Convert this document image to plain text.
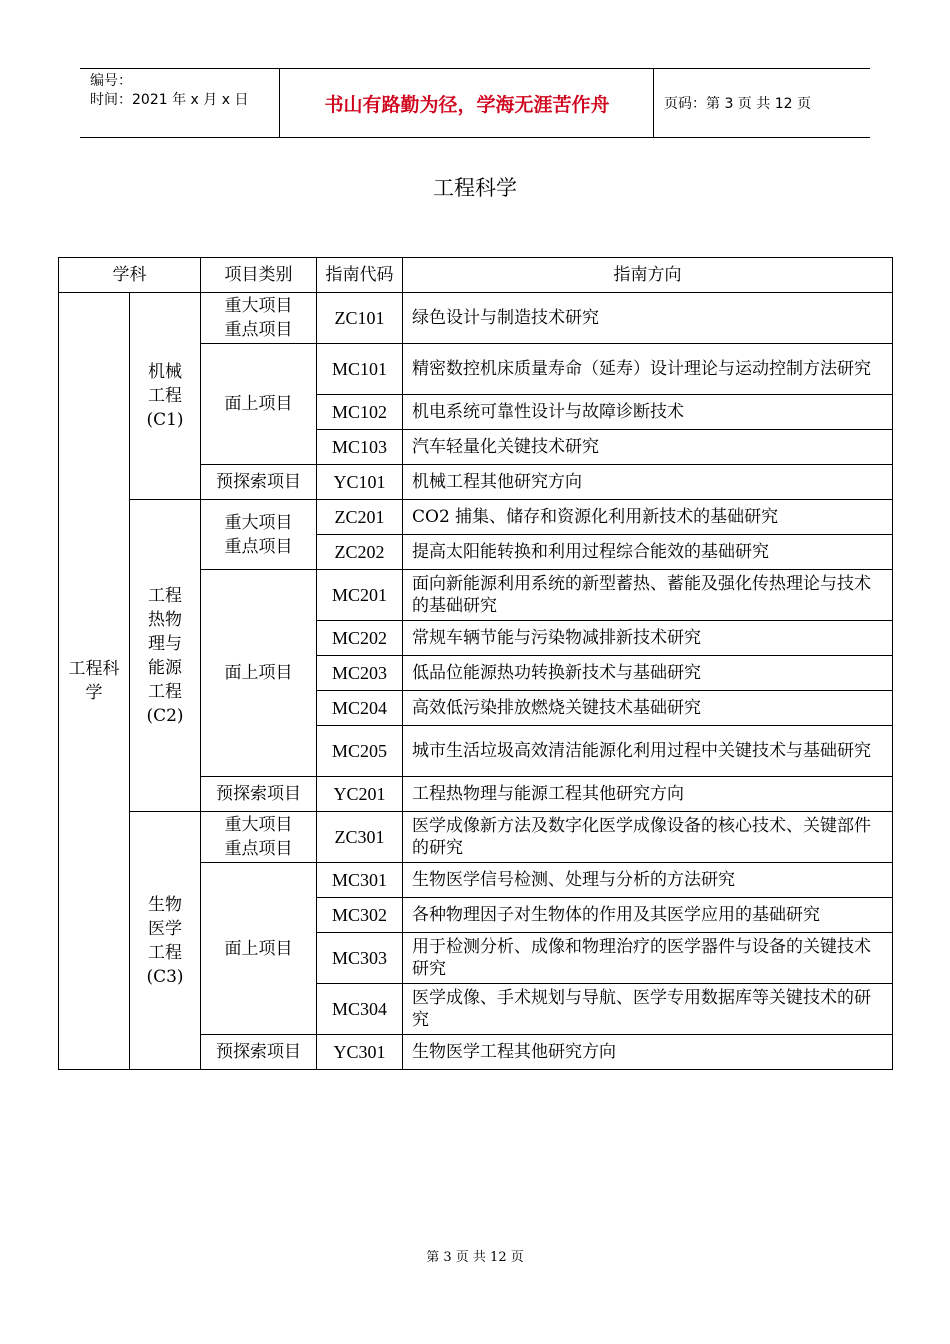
编号：
时间：2021 年 x 月 x 日	书山有路勤为径，学海无涯苦作舟	页码：第 3 页 共 12 页
工程科学
学科		项目类别	指南代码	指南方向
工程科学	机械工程(C1)	重大项目 重点项目	ZC101	绿色设计与制造技术研究
		面上项目	MC101	精密数控机床质量寿命（延寿）设计理论与运动控制方法研究
			MC102	机电系统可靠性设计与故障诊断技术
			MC103	汽车轻量化关键技术研究
		预探索项目	YC101	机械工程其他研究方向
	工程热物理与能源工程(C2)	重大项目 重点项目	ZC201	CO2 捕集、储存和资源化利用新技术的基础研究
			ZC202	提高太阳能转换和利用过程综合能效的基础研究
		面上项目	MC201	面向新能源利用系统的新型蓄热、蓄能及强化传热理论与技术的基础研究
			MC202	常规车辆节能与污染物减排新技术研究
			MC203	低品位能源热功转换新技术与基础研究
			MC204	高效低污染排放燃烧关键技术基础研究
			MC205	城市生活垃圾高效清洁能源化利用过程中关键技术与基础研究
		预探索项目	YC201	工程热物理与能源工程其他研究方向
	生物医学工程(C3)	重大项目 重点项目	ZC301	医学成像新方法及数字化医学成像设备的核心技术、关键部件的研究
		面上项目	MC301	生物医学信号检测、处理与分析的方法研究
			MC302	各种物理因子对生物体的作用及其医学应用的基础研究
			MC303	用于检测分析、成像和物理治疗的医学器件与设备的关键技术研究
			MC304	医学成像、手术规划与导航、医学专用数据库等关键技术的研究
		预探索项目	YC301	生物医学工程其他研究方向
第 3 页 共 12 页
